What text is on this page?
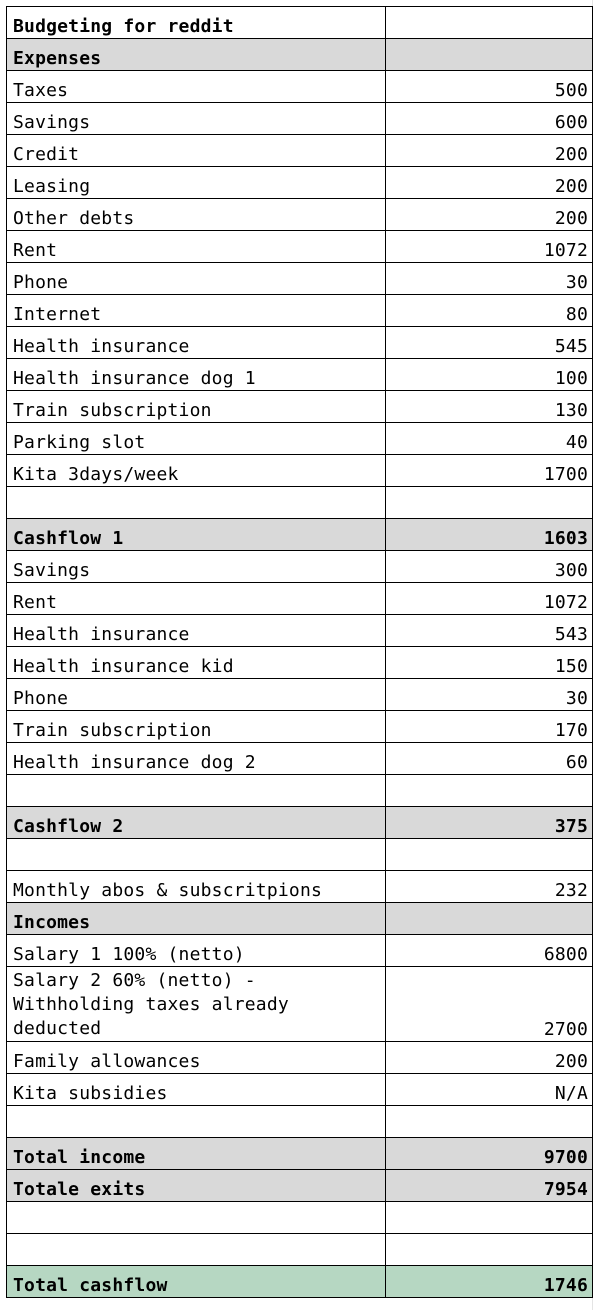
Budgeting for reddit	
Expenses	
Taxes	500
Savings	600
Credit	200
Leasing	200
Other debts	200
Rent	1072
Phone	30
Internet	80
Health insurance	545
Health insurance dog 1	100
Train subscription	130
Parking slot	40
Kita 3days/week	1700

Cashflow 1	1603
Savings	300
Rent	1072
Health insurance	543
Health insurance kid	150
Phone	30
Train subscription	170
Health insurance dog 2	60

Cashflow 2	375

Monthly abos & subscritpions	232
Incomes	
Salary 1 100% (netto)	6800
Salary 2 60% (netto) -
Withholding taxes already
deducted	2700
Family allowances	200
Kita subsidies	N/A

Total income	9700
Totale exits	7954

Total cashflow	1746
